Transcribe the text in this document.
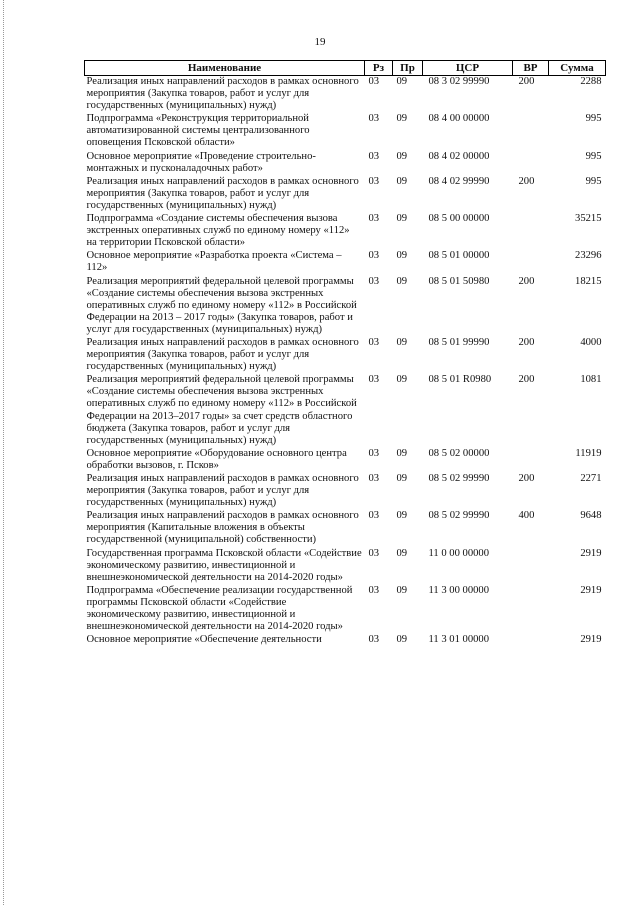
19
Наименование	Рз	Пр	ЦСР	ВР	Сумма
Реализация иных направлений расходов в рамках основного мероприятия (Закупка товаров, работ и услуг для государственных (муниципальных) нужд)	03	09	08 3 02 99990	200	2288
Подпрограмма «Реконструкция территориальной автоматизированной системы централизованного оповещения Псковской области»	03	09	08 4 00 00000		995
Основное мероприятие «Проведение строительно-монтажных и пусконаладочных работ»	03	09	08 4 02 00000		995
Реализация иных направлений расходов в рамках основного мероприятия (Закупка товаров, работ и услуг для государственных (муниципальных) нужд)	03	09	08 4 02 99990	200	995
Подпрограмма «Создание системы обеспечения вызова экстренных оперативных служб по единому номеру «112» на территории Псковской области»	03	09	08 5 00 00000		35215
Основное мероприятие «Разработка проекта «Система – 112»	03	09	08 5 01 00000		23296
Реализация мероприятий федеральной целевой программы «Создание системы обеспечения вызова экстренных оперативных служб по единому номеру «112» в Российской Федерации на 2013 – 2017 годы» (Закупка товаров, работ и услуг для государственных (муниципальных) нужд)	03	09	08 5 01 50980	200	18215
Реализация иных направлений расходов в рамках основного мероприятия (Закупка товаров, работ и услуг для государственных (муниципальных) нужд)	03	09	08 5 01 99990	200	4000
Реализация мероприятий федеральной целевой программы «Создание системы обеспечения вызова экстренных оперативных служб по единому номеру «112» в Российской Федерации на 2013–2017 годы» за счет средств областного бюджета (Закупка товаров, работ и услуг для государственных (муниципальных) нужд)	03	09	08 5 01 R0980	200	1081
Основное мероприятие «Оборудование основного центра обработки вызовов, г. Псков»	03	09	08 5 02 00000		11919
Реализация иных направлений расходов в рамках основного мероприятия (Закупка товаров, работ и услуг для государственных (муниципальных) нужд)	03	09	08 5 02 99990	200	2271
Реализация иных направлений расходов в рамках основного мероприятия (Капитальные вложения в объекты государственной (муниципальной) собственности)	03	09	08 5 02 99990	400	9648
Государственная программа Псковской области «Содействие экономическому развитию, инвестиционной и внешнеэкономической деятельности на 2014-2020 годы»	03	09	11 0 00 00000		2919
Подпрограмма «Обеспечение реализации государственной программы Псковской области «Содействие экономическому развитию, инвестиционной и внешнеэкономической деятельности на 2014-2020 годы»	03	09	11 3 00 00000		2919
Основное мероприятие «Обеспечение деятельности	03	09	11 3 01 00000		2919
